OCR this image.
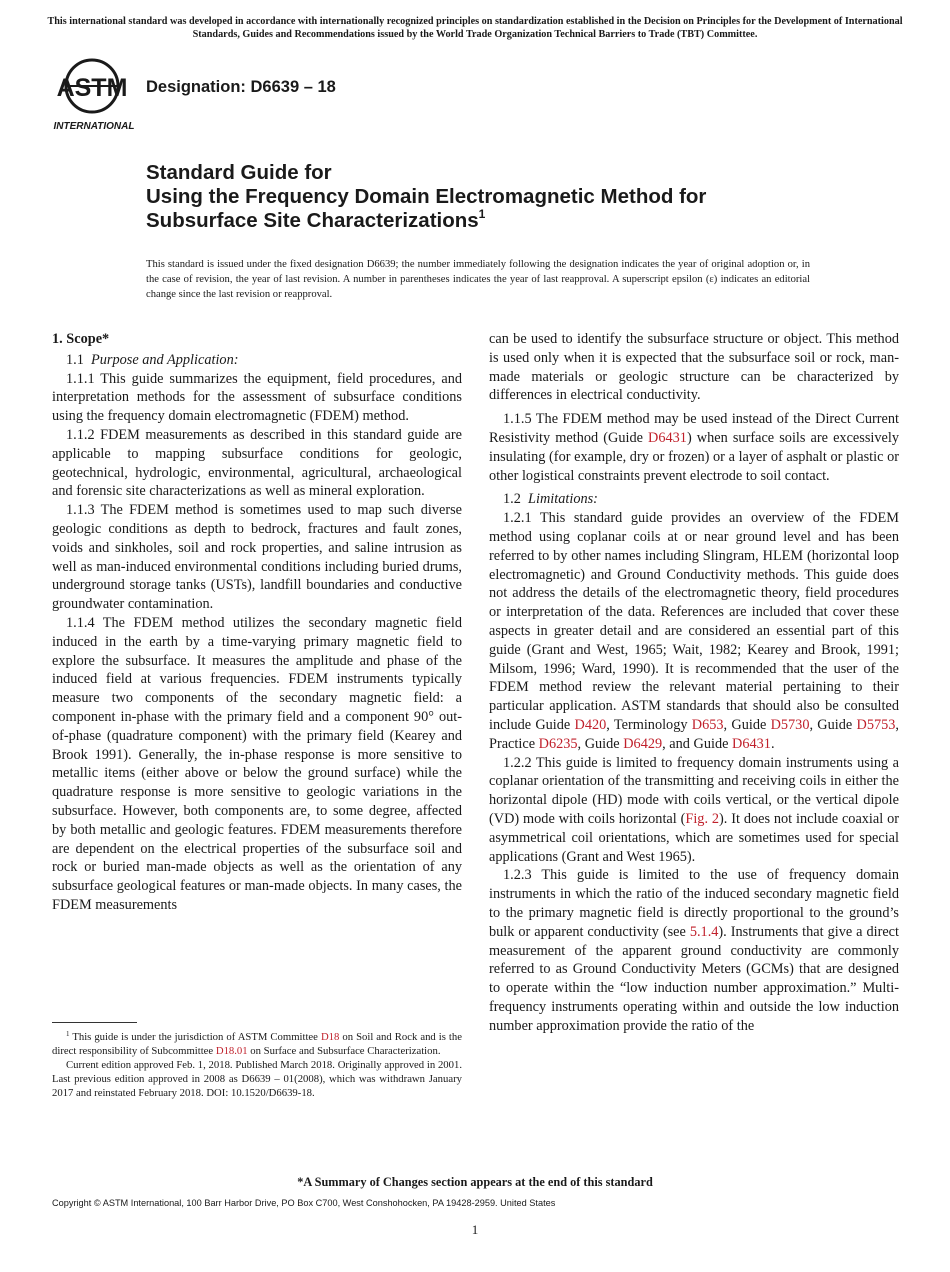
This international standard was developed in accordance with internationally recognized principles on standardization established in the Decision on Principles for the Development of International Standards, Guides and Recommendations issued by the World Trade Organization Technical Barriers to Trade (TBT) Committee.
ASTM
INTERNATIONAL
Designation: D6639 – 18
Standard Guide for
Using the Frequency Domain Electromagnetic Method for
Subsurface Site Characterizations$^1$
This standard is issued under the fixed designation D6639; the number immediately following the designation indicates the year of original adoption or, in the case of revision, the year of last revision. A number in parentheses indicates the year of last reapproval. A superscript epsilon (ε) indicates an editorial change since the last revision or reapproval.
1. Scope*

1.1 Purpose and Application:

1.1.1 This guide summarizes the equipment, field procedures, and interpretation methods for the assessment of subsurface conditions using the frequency domain electromagnetic (FDEM) method.

1.1.2 FDEM measurements as described in this standard guide are applicable to mapping subsurface conditions for geologic, geotechnical, hydrologic, environmental, agricultural, archaeological and forensic site characterizations as well as mineral exploration.

1.1.3 The FDEM method is sometimes used to map such diverse geologic conditions as depth to bedrock, fractures and fault zones, voids and sinkholes, soil and rock properties, and saline intrusion as well as man-induced environmental conditions including buried drums, underground storage tanks (USTs), landfill boundaries and conductive groundwater contamination.

1.1.4 The FDEM method utilizes the secondary magnetic field induced in the earth by a time-varying primary magnetic field to explore the subsurface. It measures the amplitude and phase of the induced field at various frequencies. FDEM instruments typically measure two components of the secondary magnetic field: a component in-phase with the primary field and a component 90° out-of-phase (quadrature component) with the primary field (Kearey and Brook 1991). Generally, the in-phase response is more sensitive to metallic items (either above or below the ground surface) while the quadrature response is more sensitive to geologic variations in the subsurface. However, both components are, to some degree, affected by both metallic and geologic features. FDEM measurements therefore are dependent on the electrical properties of the subsurface soil and rock or buried man-made objects as well as the orientation of any subsurface geological features or man-made objects. In many cases, the FDEM measurements

$^1$ This guide is under the jurisdiction of ASTM Committee D18 on Soil and Rock and is the direct responsibility of Subcommittee D18.01 on Surface and Subsurface Characterization.

Current edition approved Feb. 1, 2018. Published March 2018. Originally approved in 2001. Last previous edition approved in 2008 as D6639 – 01(2008), which was withdrawn January 2017 and reinstated February 2018. DOI: 10.1520/D6639-18.

can be used to identify the subsurface structure or object. This method is used only when it is expected that the subsurface soil or rock, man-made materials or geologic structure can be characterized by differences in electrical conductivity.

1.1.5 The FDEM method may be used instead of the Direct Current Resistivity method (Guide D6431) when surface soils are excessively insulating (for example, dry or frozen) or a layer of asphalt or plastic or other logistical constraints prevent electrode to soil contact.

1.2 Limitations:

1.2.1 This standard guide provides an overview of the FDEM method using coplanar coils at or near ground level and has been referred to by other names including Slingram, HLEM (horizontal loop electromagnetic) and Ground Conductivity methods. This guide does not address the details of the electromagnetic theory, field procedures or interpretation of the data. References are included that cover these aspects in greater detail and are considered an essential part of this guide (Grant and West, 1965; Wait, 1982; Kearey and Brook, 1991; Milsom, 1996; Ward, 1990). It is recommended that the user of the FDEM method review the relevant material pertaining to their particular application. ASTM standards that should also be consulted include Guide D420, Terminology D653, Guide D5730, Guide D5753, Practice D6235, Guide D6429, and Guide D6431.

1.2.2 This guide is limited to frequency domain instruments using a coplanar orientation of the transmitting and receiving coils in either the horizontal dipole (HD) mode with coils vertical, or the vertical dipole (VD) mode with coils horizontal (Fig. 2). It does not include coaxial or asymmetrical coil orientations, which are sometimes used for special applications (Grant and West 1965).

1.2.3 This guide is limited to the use of frequency domain instruments in which the ratio of the induced secondary magnetic field to the primary magnetic field is directly proportional to the ground’s bulk or apparent conductivity (see 5.1.4). Instruments that give a direct measurement of the apparent ground conductivity are commonly referred to as Ground Conductivity Meters (GCMs) that are designed to operate within the “low induction number approximation.” Multi-frequency instruments operating within and outside the low induction number approximation provide the ratio of the

*A Summary of Changes section appears at the end of this standard
Copyright © ASTM International, 100 Barr Harbor Drive, PO Box C700, West Conshohocken, PA 19428-2959. United States
1
